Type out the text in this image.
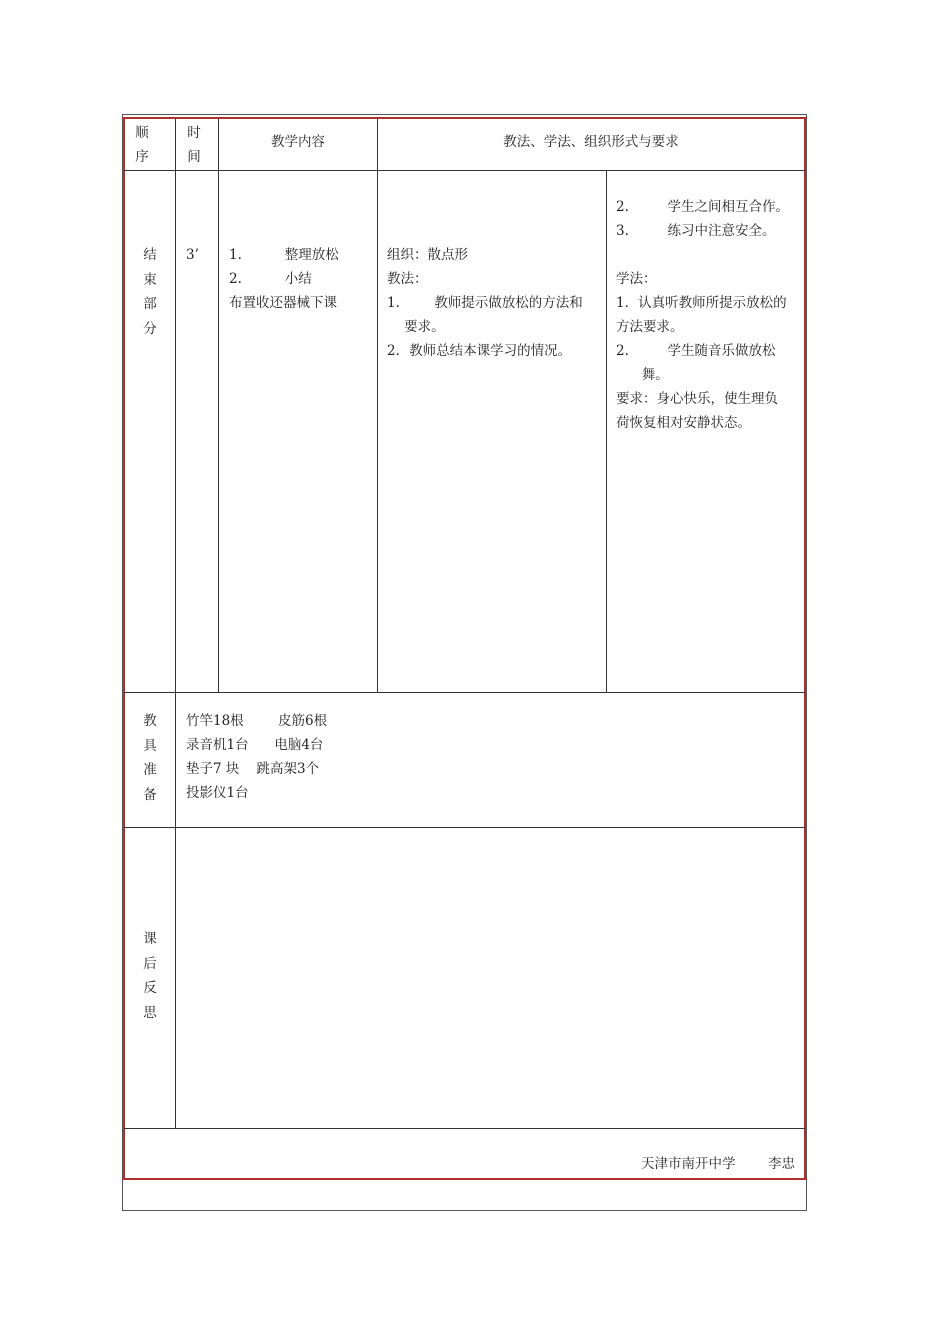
顺
序
时
间
教学内容	教法、学法、组织形式与要求
结
束
部
分
3’ 1.          整理放松
2.          小结
布置收还器械下课
组织：散点形
教法：
1.        教师提示做放松的方法和
要求。
2．教师总结本课学习的情况。
2.         学生之间相互合作。
3.         练习中注意安全。
学法：
1．认真听教师所提示放松的
方法要求。
2.         学生随音乐做放松
舞。
要求：身心快乐，使生理负
荷恢复相对安静状态。
教
具
准
备
竹竿18根        皮筋6根
录音机1台      电脑4台
垫子7 块    跳高架3个
投影仪1台
课
后
反
思
天津市南开中学 李忠
